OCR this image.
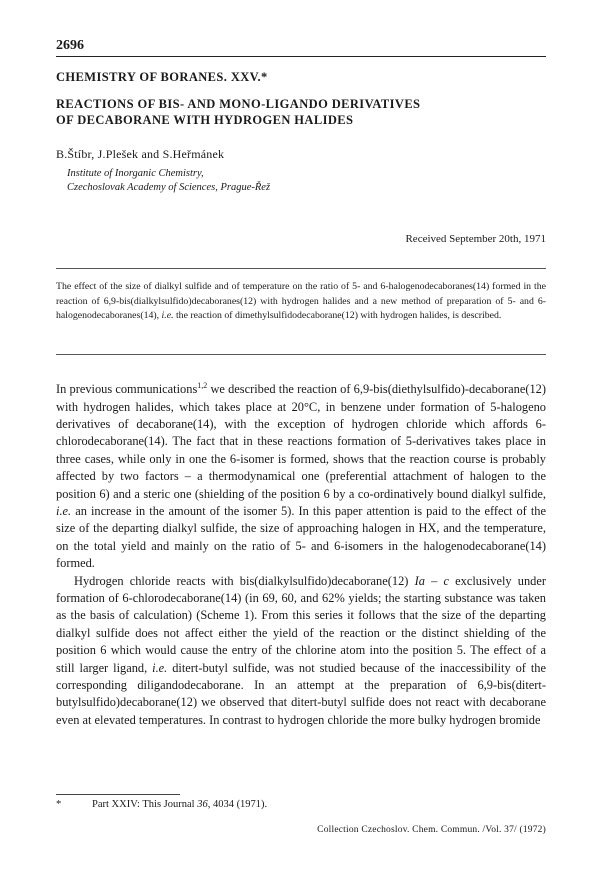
2696
CHEMISTRY OF BORANES. XXV.*
REACTIONS OF BIS- AND MONO-LIGANDO DERIVATIVES
OF DECABORANE WITH HYDROGEN HALIDES
B.Štíbr, J.Plešek and S.Heřmánek
Institute of Inorganic Chemistry,
Czechoslovak Academy of Sciences, Prague-Řež
Received September 20th, 1971
The effect of the size of dialkyl sulfide and of temperature on the ratio of 5- and 6-halogenodecaboranes(14) formed in the reaction of 6,9-bis(dialkylsulfido)decaboranes(12) with hydrogen halides and a new method of preparation of 5- and 6-halogenodecaboranes(14), i.e. the reaction of dimethylsulfidodecaborane(12) with hydrogen halides, is described.

In previous communications$^{1,2}$ we described the reaction of 6,9-bis(diethylsulfido)-decaborane(12) with hydrogen halides, which takes place at 20°C, in benzene under formation of 5-halogeno derivatives of decaborane(14), with the exception of hydrogen chloride which affords 6-chlorodecaborane(14). The fact that in these reactions formation of 5-derivatives takes place in three cases, while only in one the 6-isomer is formed, shows that the reaction course is probably affected by two factors – a thermodynamical one (preferential attachment of halogen to the position 6) and a steric one (shielding of the position 6 by a co-ordinatively bound dialkyl sulfide, i.e. an increase in the amount of the isomer 5). In this paper attention is paid to the effect of the size of the departing dialkyl sulfide, the size of approaching halogen in HX, and the temperature, on the total yield and mainly on the ratio of 5- and 6-isomers in the halogenodecaborane(14) formed.

Hydrogen chloride reacts with bis(dialkylsulfido)decaborane(12) Ia – c exclusively under formation of 6-chlorodecaborane(14) (in 69, 60, and 62% yields; the starting substance was taken as the basis of calculation) (Scheme 1). From this series it follows that the size of the departing dialkyl sulfide does not affect either the yield of the reaction or the distinct shielding of the position 6 which would cause the entry of the chlorine atom into the position 5. The effect of a still larger ligand, i.e. ditert-butyl sulfide, was not studied because of the inaccessibility of the corresponding diligandodecaborane. In an attempt at the preparation of 6,9-bis(ditert-butylsulfido)decaborane(12) we observed that ditert-butyl sulfide does not react with decaborane even at elevated temperatures. In contrast to hydrogen chloride the more bulky hydrogen bromide

*	Part XXIV: This Journal 36, 4034 (1971).
Collection Czechoslov. Chem. Commun. /Vol. 37/ (1972)
